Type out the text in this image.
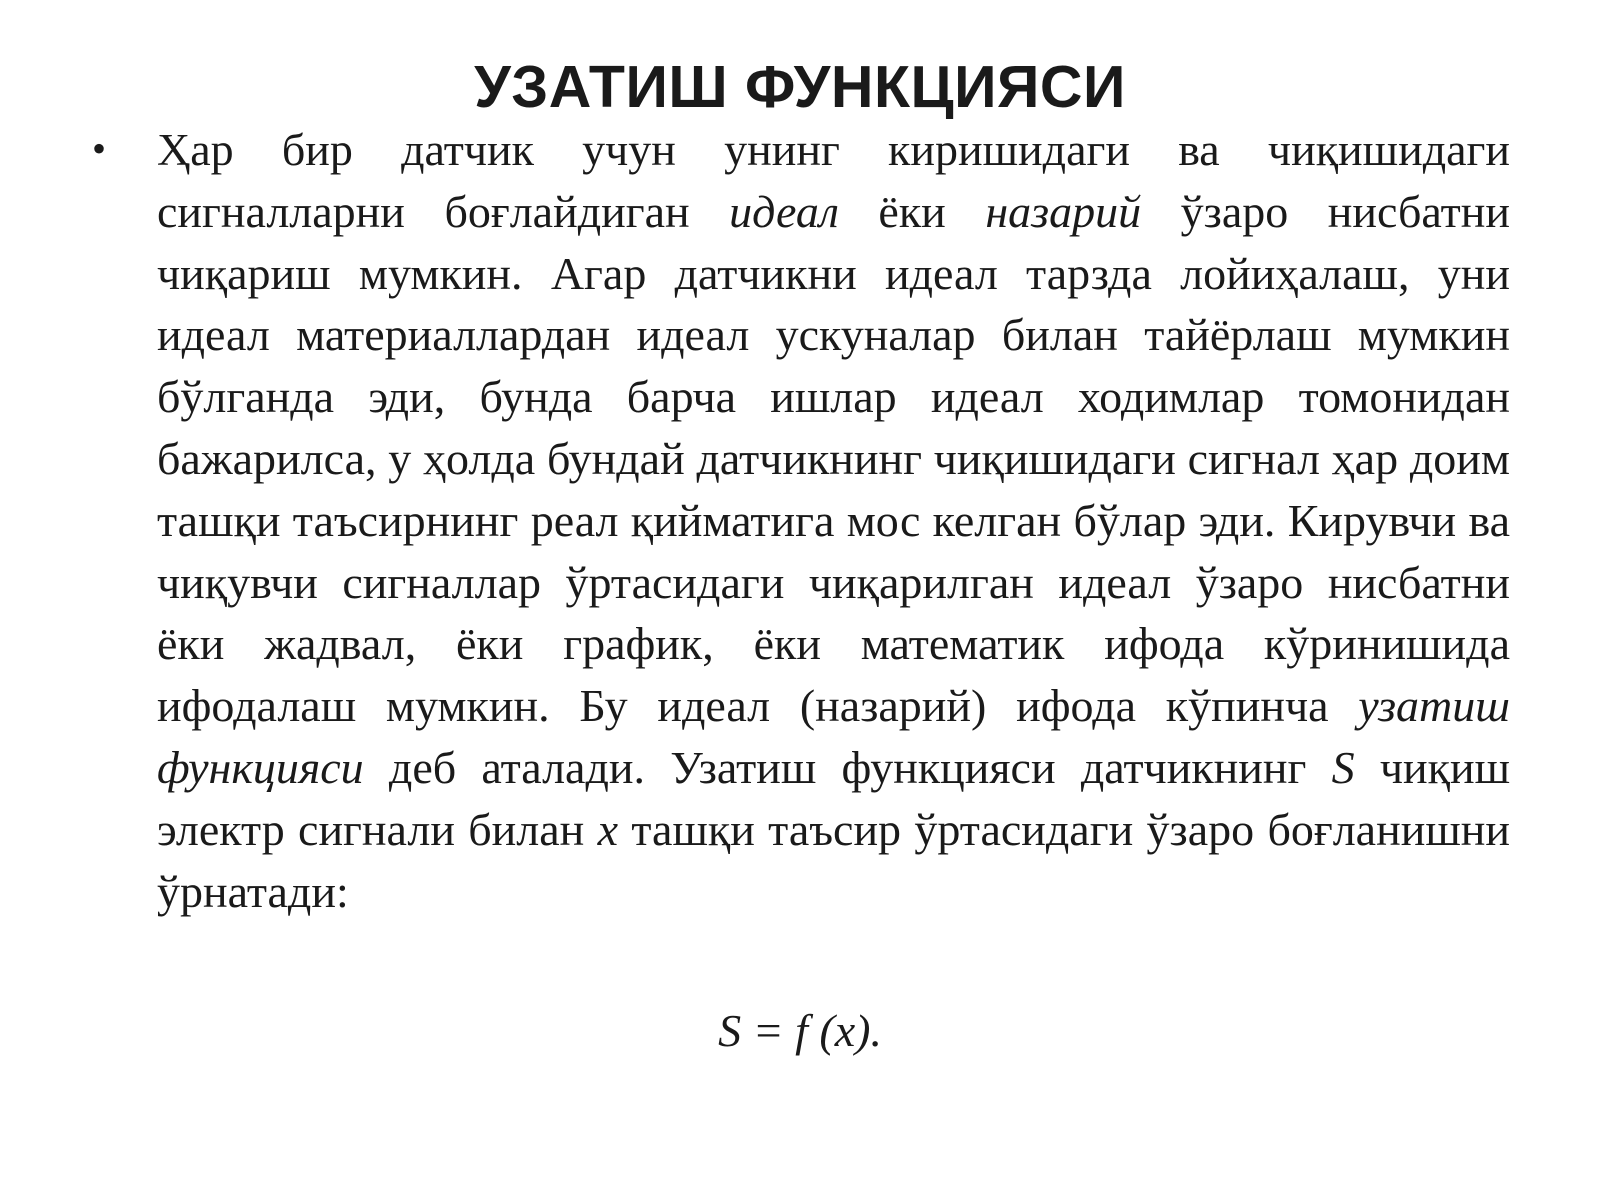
УЗАТИШ ФУНКЦИЯСИ
• Ҳар бир датчик учун унинг киришидаги ва чиқишидаги сигналларни боғлайдиган идеал ёки назарий ўзаро нисбатни чиқариш мумкин. Агар датчикни идеал тарзда лойиҳалаш, уни идеал материаллардан идеал ускуналар билан тайёрлаш мумкин бўлганда эди, бунда барча ишлар идеал ходимлар томонидан бажарилса, у ҳолда бундай датчикнинг чиқишидаги сигнал ҳар доим ташқи таъсирнинг реал қийматига мос келган бўлар эди. Кирувчи ва чиқувчи сигналлар ўртасидаги чиқарилган идеал ўзаро нисбатни ёки жадвал, ёки график, ёки математик ифода кўринишида ифодалаш мумкин. Бу идеал (назарий) ифода кўпинча узатиш функцияси деб аталади. Узатиш функцияси датчикнинг S чиқиш электр сигнали билан x ташқи таъсир ўртасидаги ўзаро боғланишни ўрнатади:

S = f (x).
